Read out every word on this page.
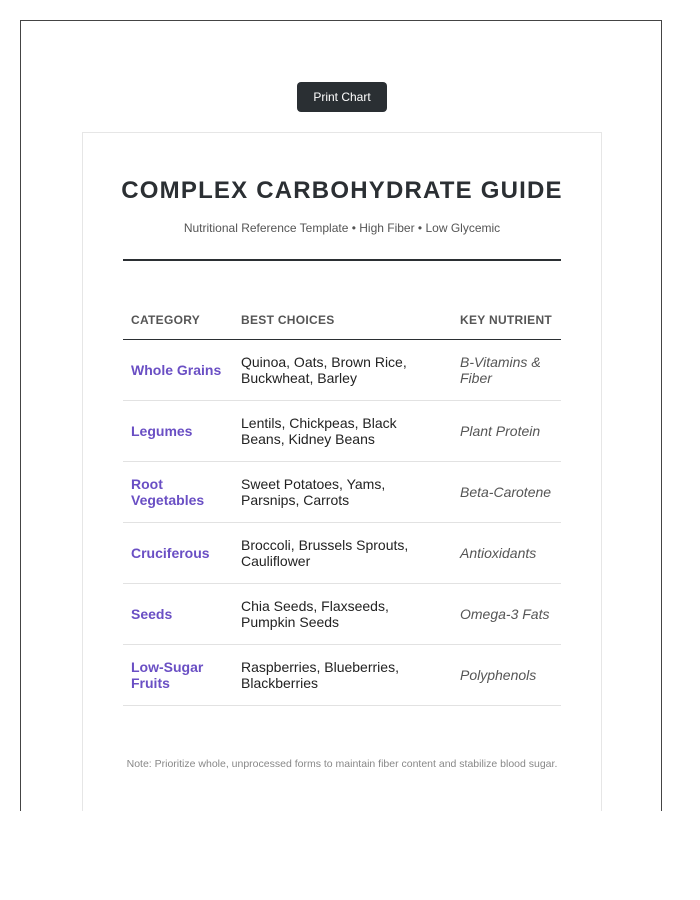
Print Chart
COMPLEX CARBOHYDRATE GUIDE
Nutritional Reference Template • High Fiber • Low Glycemic
CATEGORY	BEST CHOICES	KEY NUTRIENT
Whole Grains	Quinoa, Oats, Brown Rice, Buckwheat, Barley	B-Vitamins & Fiber
Legumes	Lentils, Chickpeas, Black Beans, Kidney Beans	Plant Protein
Root Vegetables	Sweet Potatoes, Yams, Parsnips, Carrots	Beta-Carotene
Cruciferous	Broccoli, Brussels Sprouts, Cauliflower	Antioxidants
Seeds	Chia Seeds, Flaxseeds, Pumpkin Seeds	Omega-3 Fats
Low-Sugar Fruits	Raspberries, Blueberries, Blackberries	Polyphenols
Note: Prioritize whole, unprocessed forms to maintain fiber content and stabilize blood sugar.
